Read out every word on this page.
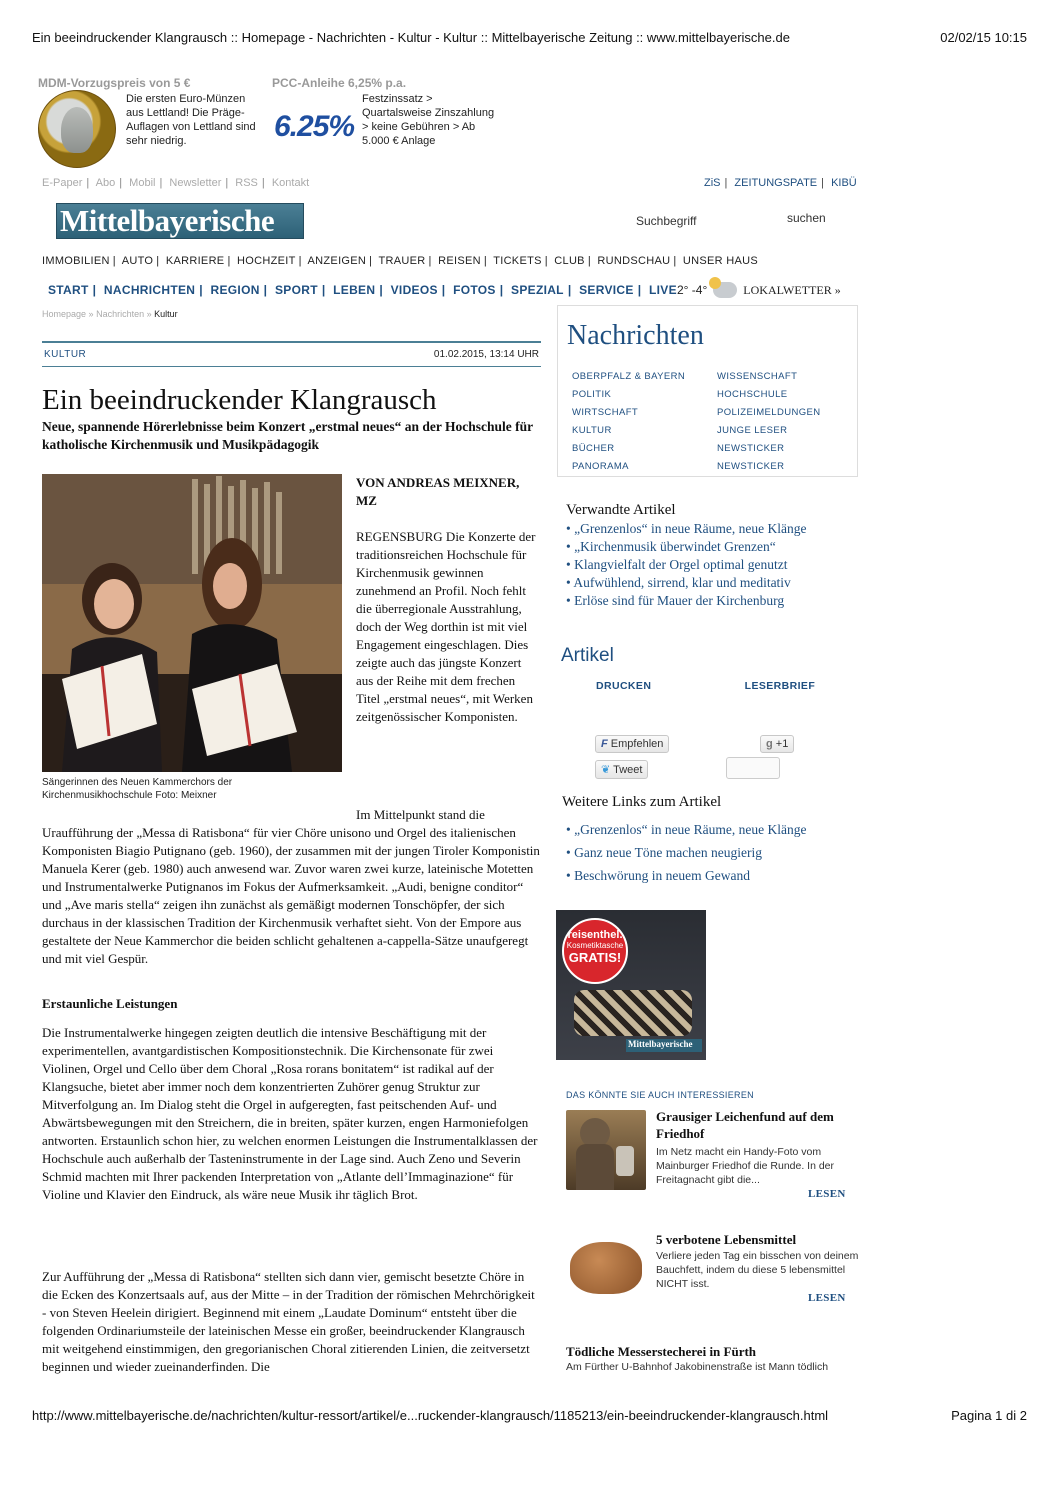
Ein beeindruckender Klangrausch :: Homepage - Nachrichten - Kultur - Kultur :: Mittelbayerische Zeitung :: www.mittelbayerische.de	02/02/15 10:15
MDM-Vorzugspreis von 5 €
Die ersten Euro-Münzen
aus Lettland! Die Präge-
Auflagen von Lettland sind
sehr niedrig.
PCC-Anleihe 6,25% p.a.
6.25%
Festzinssatz >
Quartalsweise Zinszahlung
> keine Gebühren > Ab
5.000 € Anlage
E-Paper | Abo | Mobil | Newsletter | RSS | Kontakt	ZiS | ZEITUNGSPATE | KIBÜ
Mittelbayerische	Suchbegriff	suchen
IMMOBILIEN | AUTO | KARRIERE | HOCHZEIT | ANZEIGEN | TRAUER | REISEN | TICKETS | CLUB | RUNDSCHAU | UNSER HAUS
START | NACHRICHTEN | REGION | SPORT | LEBEN | VIDEOS | FOTOS | SPEZIAL | SERVICE | LIVE 2° -4°	LOKALWETTER »
Homepage » Nachrichten » Kultur
KULTUR	01.02.2015, 13:14 UHR
Ein beeindruckender Klangrausch
Neue, spannende Hörerlebnisse beim Konzert „erstmal neues“ an der Hochschule für katholische Kirchenmusik und Musikpädagogik
Sängerinnen des Neuen Kammerchors der Kirchenmusikhochschule Foto: Meixner
VON ANDREAS MEIXNER, MZ
REGENSBURG Die Konzerte der traditionsreichen Hochschule für Kirchenmusik gewinnen zunehmend an Profil. Noch fehlt die überregionale Ausstrahlung, doch der Weg dorthin ist mit viel Engagement eingeschlagen. Dies zeigte auch das jüngste Konzert aus der Reihe mit dem frechen Titel „erstmal neues“, mit Werken zeitgenössischer Komponisten.
Im Mittelpunkt stand die
Uraufführung der „Messa di Ratisbona“ für vier Chöre unisono und Orgel des italienischen Komponisten Biagio Putignano (geb. 1960), der zusammen mit der jungen Tiroler Komponistin Manuela Kerer (geb. 1980) auch anwesend war. Zuvor waren zwei kurze, lateinische Motetten und Instrumentalwerke Putignanos im Fokus der Aufmerksamkeit. „Audi, benigne conditor“ und „Ave maris stella“ zeigen ihn zunächst als gemäßigt modernen Tonschöpfer, der sich durchaus in der klassischen Tradition der Kirchenmusik verhaftet sieht. Von der Empore aus gestaltete der Neue Kammerchor die beiden schlicht gehaltenen a-cappella-Sätze unaufgeregt und mit viel Gespür.
Erstaunliche Leistungen
Die Instrumentalwerke hingegen zeigten deutlich die intensive Beschäftigung mit der experimentellen, avantgardistischen Kompositionstechnik. Die Kirchensonate für zwei Violinen, Orgel und Cello über dem Choral „Rosa rorans bonitatem“ ist radikal auf der Klangsuche, bietet aber immer noch dem konzentrierten Zuhörer genug Struktur zur Mitverfolgung an. Im Dialog steht die Orgel in aufgeregten, fast peitschenden Auf- und Abwärtsbewegungen mit den Streichern, die in breiten, später kurzen, engen Harmoniefolgen antworten. Erstaunlich schon hier, zu welchen enormen Leistungen die Instrumentalklassen der Hochschule auch außerhalb der Tasteninstrumente in der Lage sind. Auch Zeno und Severin Schmid machten mit Ihrer packenden Interpretation von „Atlante dell’Immaginazione“ für Violine und Klavier den Eindruck, als wäre neue Musik ihr täglich Brot.
Zur Aufführung der „Messa di Ratisbona“ stellten sich dann vier, gemischt besetzte Chöre in die Ecken des Konzertsaals auf, aus der Mitte – in der Tradition der römischen Mehrchörigkeit - von Steven Heelein dirigiert. Beginnend mit einem „Laudate Dominum“ entsteht über die folgenden Ordinariumsteile der lateinischen Messe ein großer, beeindruckender Klangrausch mit weitgehend einstimmigen, den gregorianischen Choral zitierenden Linien, die zeitversetzt beginnen und wieder zueinanderfinden. Die
Nachrichten
OBERPFALZ & BAYERN	WISSENSCHAFT
POLITIK	HOCHSCHULE
WIRTSCHAFT	POLIZEIMELDUNGEN
KULTUR	JUNGE LESER
BÜCHER	NEWSTICKER
PANORAMA	NEWSTICKER
Verwandte Artikel
• „Grenzenlos“ in neue Räume, neue Klänge
• „Kirchenmusik überwindet Grenzen“
• Klangvielfalt der Orgel optimal genutzt
• Aufwühlend, sirrend, klar und meditativ
• Erlöse sind für Mauer der Kirchenburg
Artikel
DRUCKEN	LESERBRIEF
F Empfehlen	g +1
❦ Tweet
Weitere Links zum Artikel
• „Grenzenlos“ in neue Räume, neue Klänge
• Ganz neue Töne machen neugierig
• Beschwörung in neuem Gewand
reisenthel.
Kosmetiktasche
GRATIS!
Mittelbayerische
DAS KÖNNTE SIE AUCH INTERESSIEREN
Grausiger Leichenfund auf dem Friedhof
Im Netz macht ein Handy-Foto vom Mainburger Friedhof die Runde. In der Freitagnacht gibt die...
LESEN
5 verbotene Lebensmittel
Verliere jeden Tag ein bisschen von deinem Bauchfett, indem du diese 5 lebensmittel NICHT isst.
LESEN
Tödliche Messerstecherei in Fürth
Am Fürther U-Bahnhof Jakobinenstraße ist Mann tödlich
http://www.mittelbayerische.de/nachrichten/kultur-ressort/artikel/e...ruckender-klangrausch/1185213/ein-beeindruckender-klangrausch.html	Pagina 1 di 2
